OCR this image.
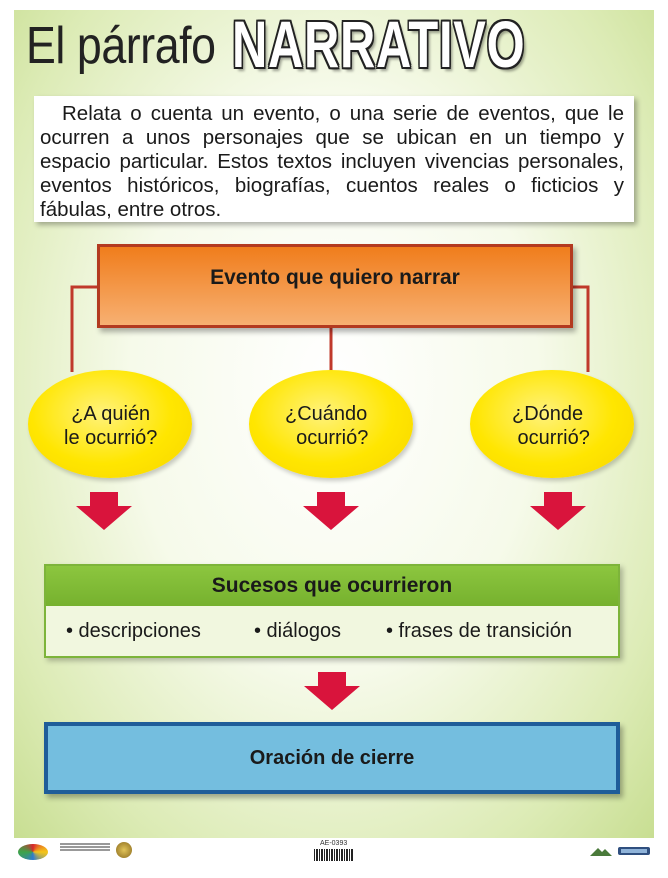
El párrafo NARRATIVO

Relata o cuenta un evento, o una serie de eventos, que le ocurren a unos personajes que se ubican en un tiempo y espacio particular. Estos textos incluyen vivencias personales, eventos históricos, biografías, cuentos reales o ficticios y fábulas, entre otros.

Evento que quiero narrar
¿A quién
le ocurrió?
¿Cuándo
ocurrió?
¿Dónde
ocurrió?
Sucesos que ocurrieron
• descripciones	• diálogos • frases de transición
Oración de cierre
AE-0393
